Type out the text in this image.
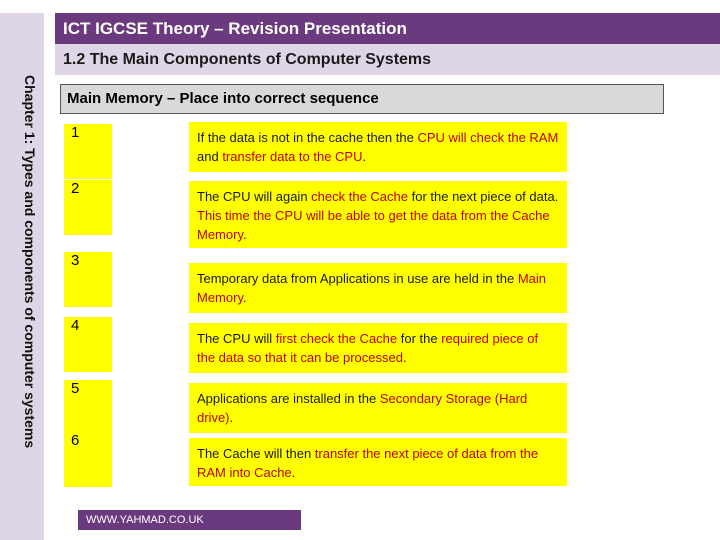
ICT IGCSE Theory – Revision Presentation
1.2 The Main Components of Computer Systems
Chapter 1: Types and components of computer systems	Main Memory – Place into correct sequence
1
2
3
4
5
6
If the data is not in the cache then the CPU will check the RAM and transfer data to the CPU.
The CPU will again check the Cache for the next piece of data. This time the CPU will be able to get the data from the Cache Memory.
Temporary data from Applications in use are held in the Main Memory.
The CPU will first check the Cache for the required piece of the data so that it can be processed.
Applications are installed in the Secondary Storage (Hard drive).
The Cache will then transfer the next piece of data from the RAM into Cache.
WWW.YAHMAD.CO.UK
